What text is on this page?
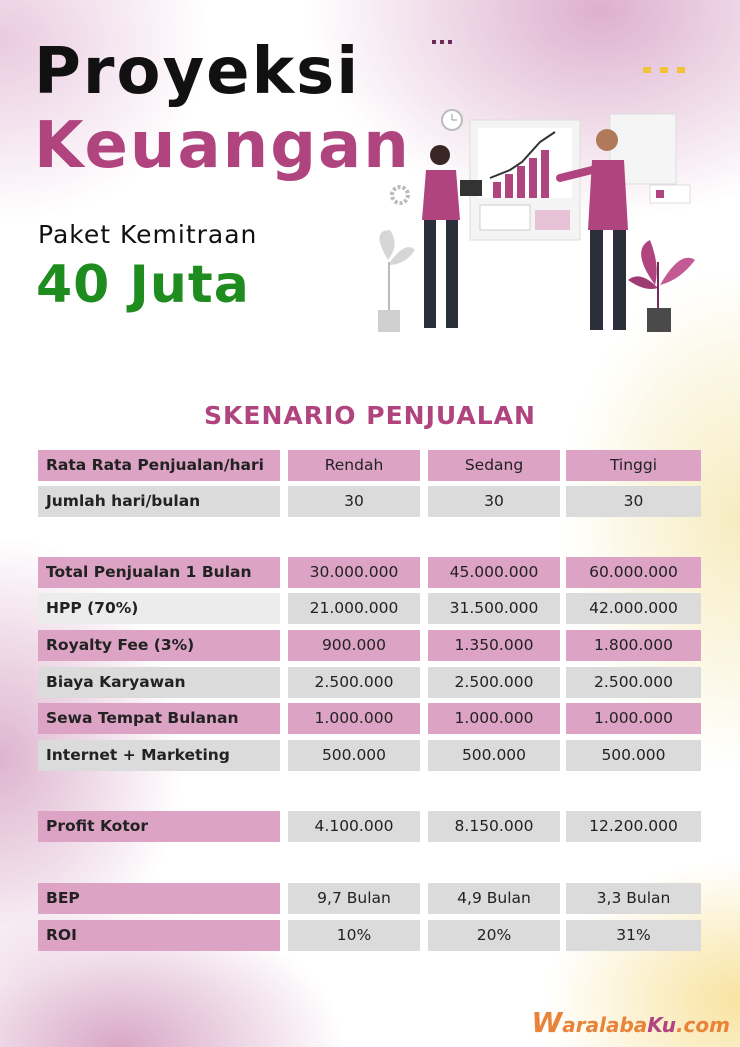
Proyeksi
Keuangan
Paket Kemitraan
40 Juta
SKENARIO PENJUALAN
Rata Rata Penjualan/hari	Rendah	Sedang	Tinggi
Jumlah hari/bulan	30	30	30
Total Penjualan 1 Bulan	30.000.000	45.000.000	60.000.000
HPP (70%)	21.000.000	31.500.000	42.000.000
Royalty Fee (3%)	900.000	1.350.000	1.800.000
Biaya Karyawan	2.500.000	2.500.000	2.500.000
Sewa Tempat Bulanan	1.000.000	1.000.000	1.000.000
Internet + Marketing	500.000	500.000	500.000
Profit Kotor	4.100.000	8.150.000	12.200.000
BEP	9,7 Bulan	4,9 Bulan	3,3 Bulan
ROI	10%	20%	31%
WaralabaKu.com
